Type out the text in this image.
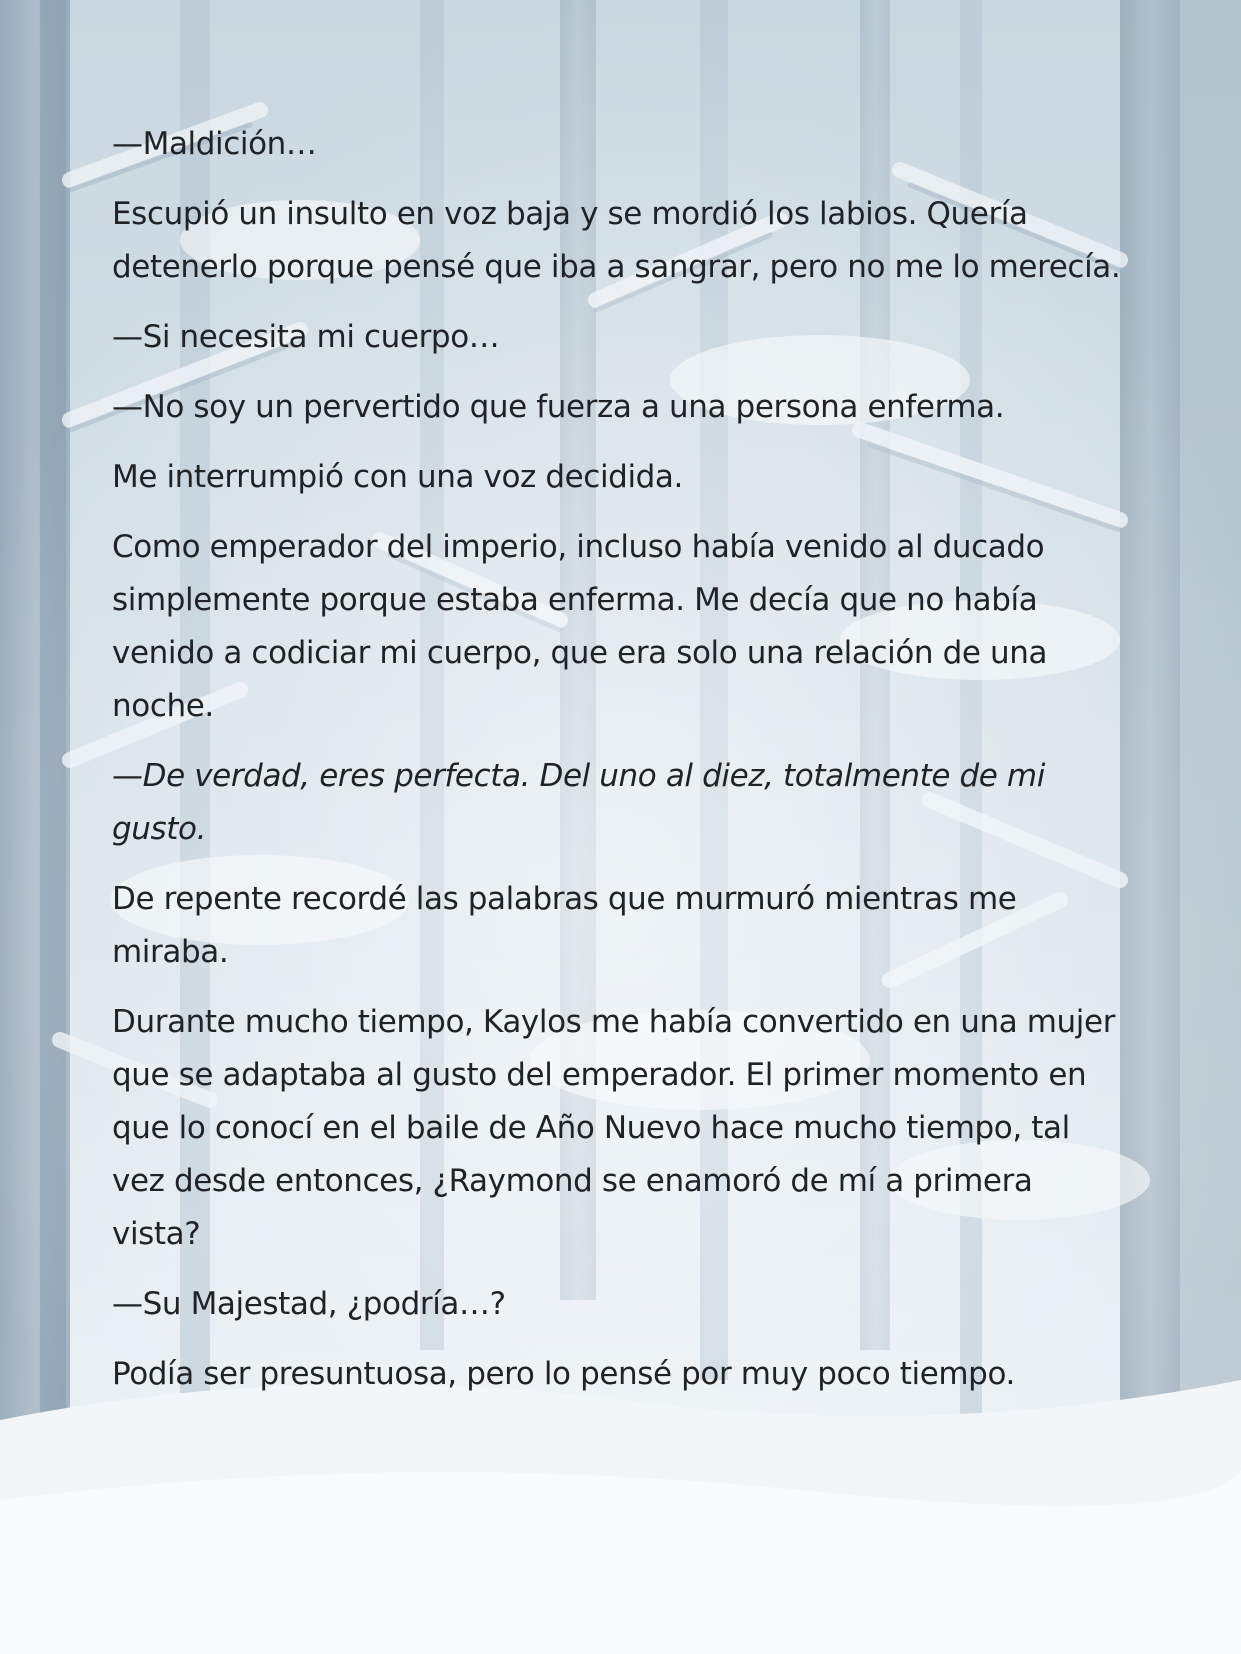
—Maldición…

Escupió un insulto en voz baja y se mordió los labios. Quería detenerlo porque pensé que iba a sangrar, pero no me lo merecía.

—Si necesita mi cuerpo…

—No soy un pervertido que fuerza a una persona enferma.

Me interrumpió con una voz decidida.

Como emperador del imperio, incluso había venido al ducado simplemente porque estaba enferma. Me decía que no había venido a codiciar mi cuerpo, que era solo una relación de una noche.

—De verdad, eres perfecta. Del uno al diez, totalmente de mi gusto.

De repente recordé las palabras que murmuró mientras me miraba.

Durante mucho tiempo, Kaylos me había convertido en una mujer que se adaptaba al gusto del emperador. El primer momento en que lo conocí en el baile de Año Nuevo hace mucho tiempo, tal vez desde entonces, ¿Raymond se enamoró de mí a primera vista?

—Su Majestad, ¿podría…?

Podía ser presuntuosa, pero lo pensé por muy poco tiempo.
